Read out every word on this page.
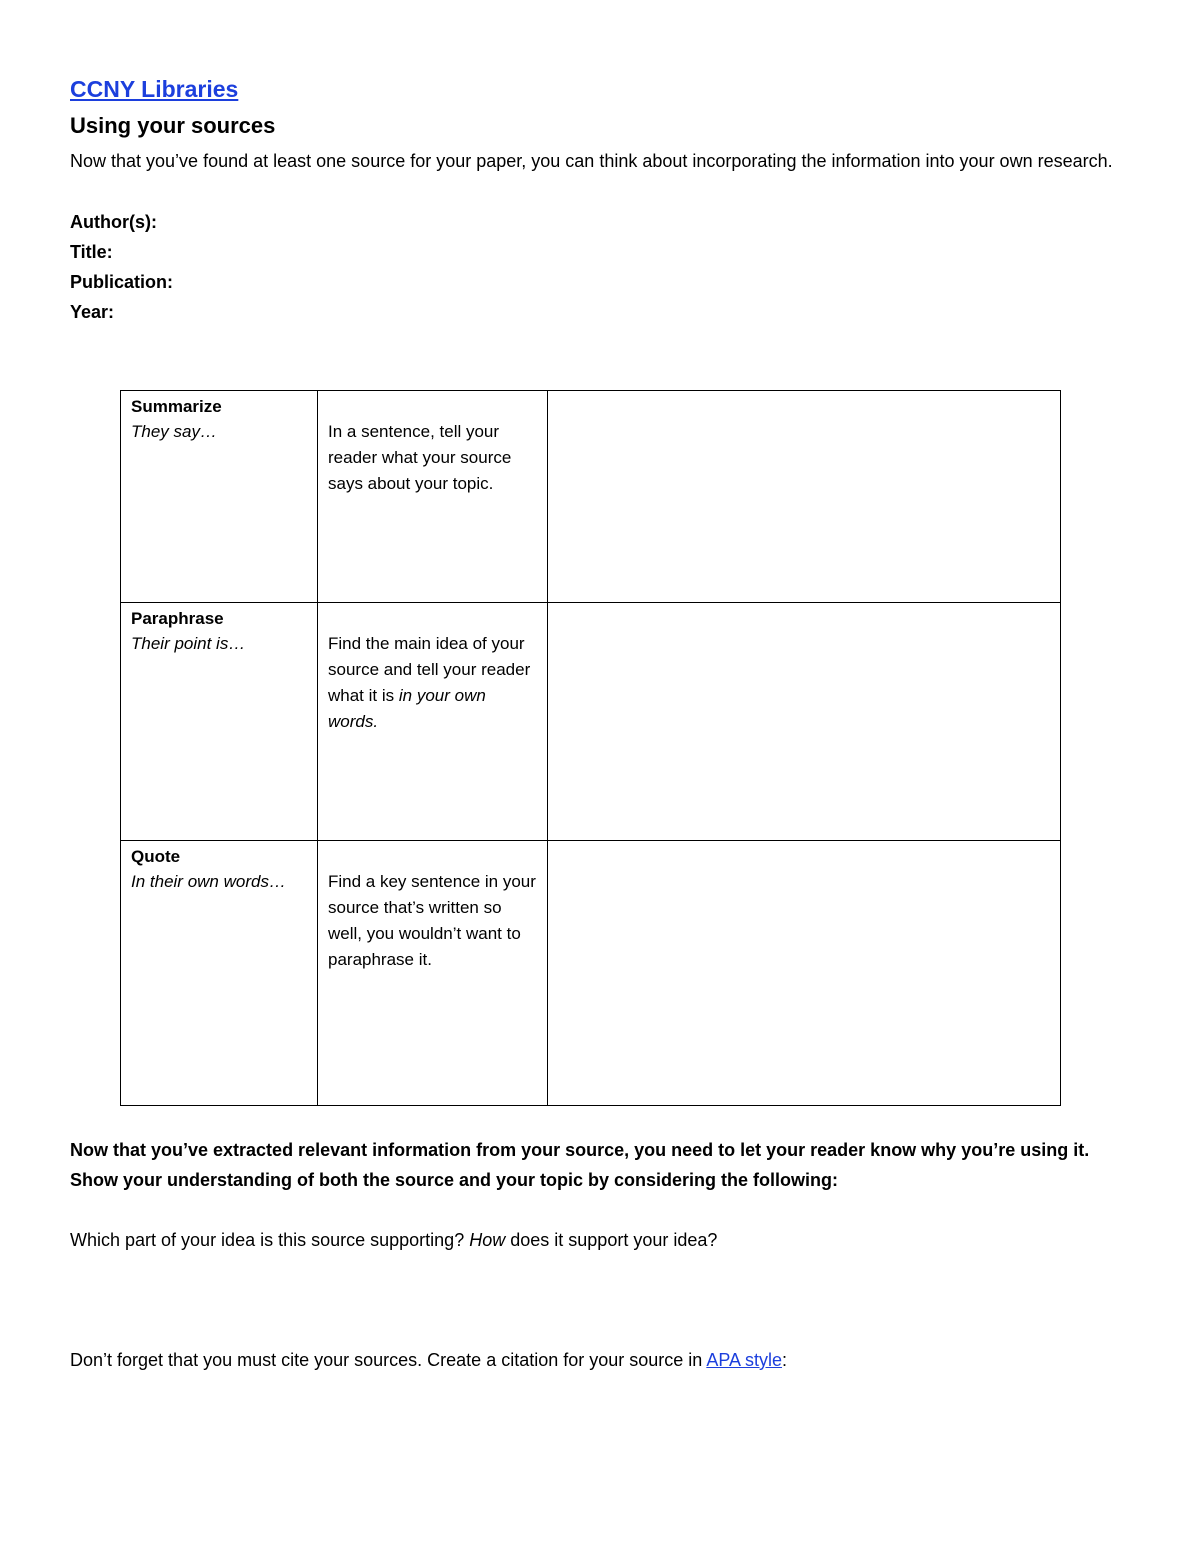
CCNY Libraries
Using your sources
Now that you’ve found at least one source for your paper, you can think about incorporating the information into your own research.
Author(s):
Title:
Publication:
Year:
Summarize
They say…	In a sentence, tell your reader what your source says about your topic.	

Paraphrase
Their point is…	Find the main idea of your source and tell your reader what it is in your own words.	

Quote
In their own words…	Find a key sentence in your source that’s written so well, you wouldn’t want to paraphrase it.	

Now that you’ve extracted relevant information from your source, you need to let your reader know why you’re using it. Show your understanding of both the source and your topic by considering the following:
Which part of your idea is this source supporting? How does it support your idea?
Don’t forget that you must cite your sources. Create a citation for your source in APA style:
